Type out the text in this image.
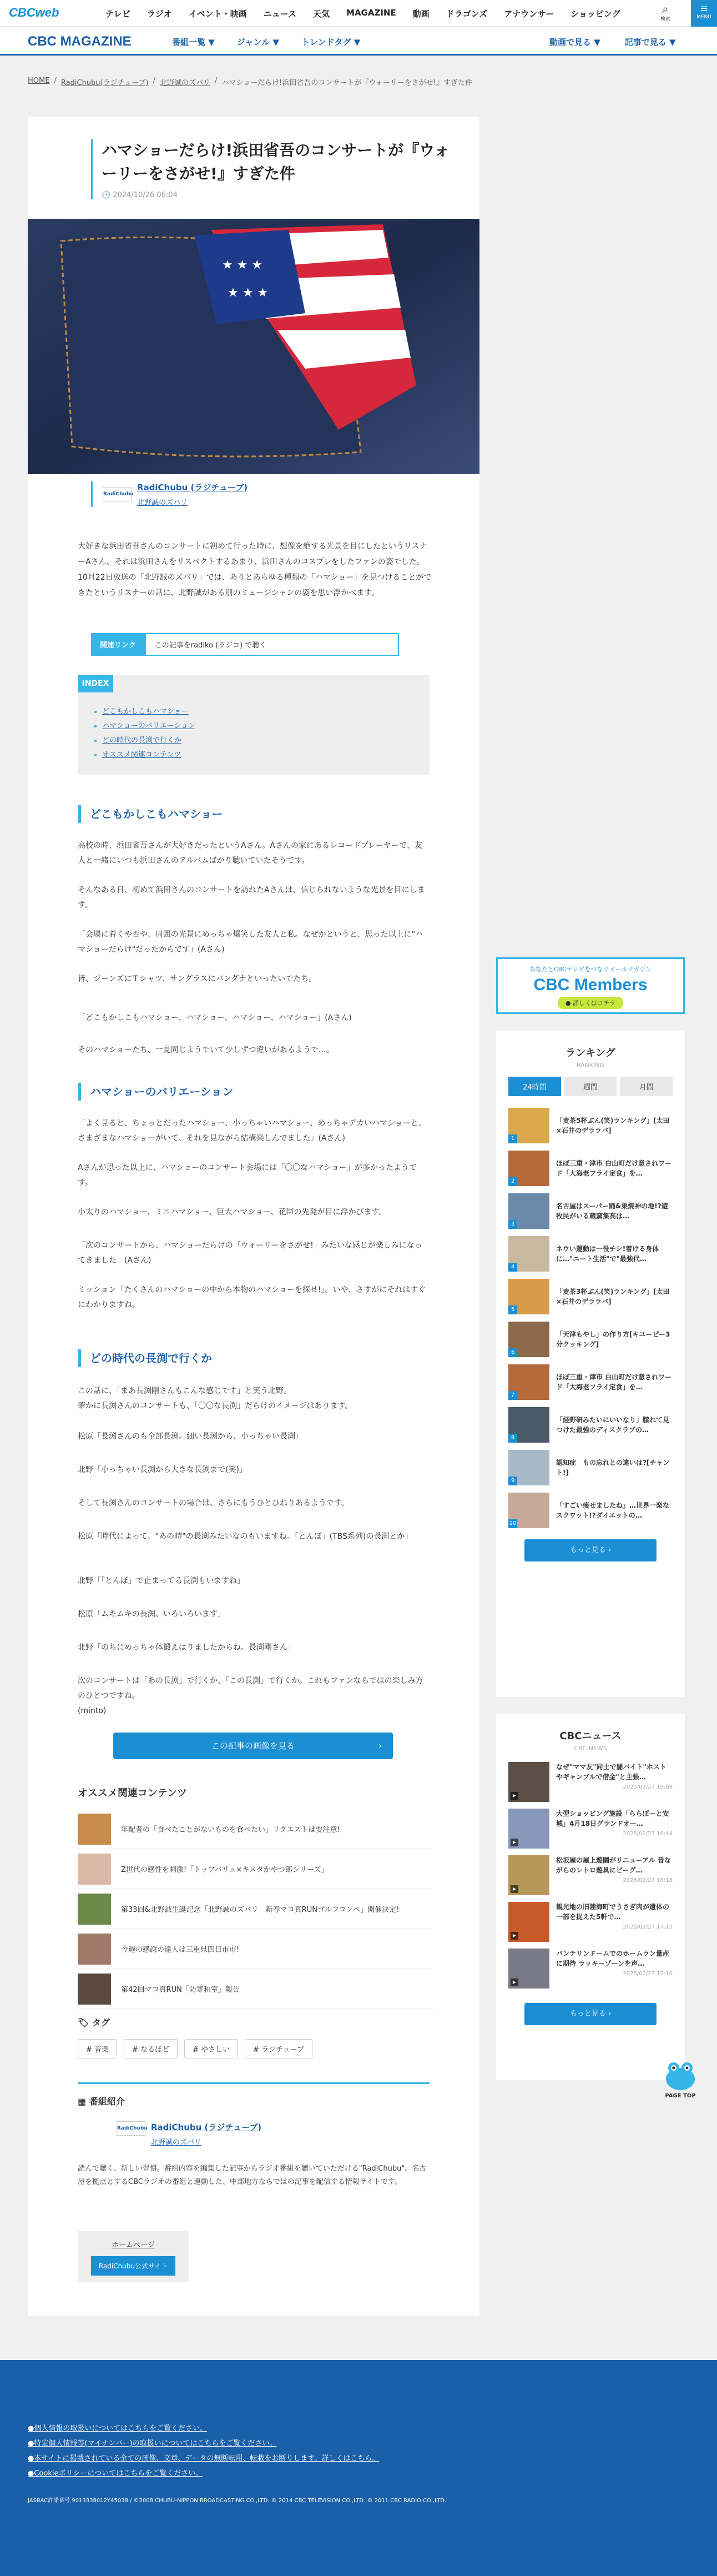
CBCweb	テレビ ラジオ イベント・映画 ニュース 天気 MAGAZINE 動画 ドラゴンズ アナウンサー ショッピング	⌕
検索
≡
MENU
CBC MAGAZINE	番組一覧 ▼	ジャンル ▼	トレンドタグ ▼	動画で見る ▼	記事で見る ▼
HOME / RadiChubu(ラジチューブ) / 北野誠のズバリ / ハマショーだらけ!浜田省吾のコンサートが『ウォーリーをさがせ!』すぎた件
ハマショーだらけ!浜田省吾のコンサートが『ウォーリーをさがせ!』すぎた件
🕓 2024/10/26 06:04
★ ★ ★
★ ★ ★
RadiChubu
RadiChubu (ラジチューブ)
北野誠のズバリ

大好きな浜田省吾さんのコンサートに初めて行った時に、想像を絶する光景を目にしたというリスナーAさん。それは浜田さんをリスペクトするあまり、浜田さんのコスプレをしたファンの姿でした。10月22日放送の「北野誠のズバリ」では、ありとあらゆる種類の「ハマショー」を見つけることができたというリスナーの話に、北野誠がある別のミュージシャンの姿を思い浮かべます。

関連リンク	この記事をradiko (ラジコ) で聴く
INDEX
▪ どこもかしこもハマショー
▪ ハマショーのバリエーション
▪ どの時代の長渕で行くか
▪ オススメ関連コンテンツ
どこもかしこもハマショー

高校の時、浜田省吾さんが大好きだったというAさん。Aさんの家にあるレコードプレーヤーで、友人と一緒にいつも浜田さんのアルバムばかり聴いていたそうです。

そんなある日、初めて浜田さんのコンサートを訪れたAさんは、信じられないような光景を目にします。

「会場に着くや否や、周囲の光景にめっちゃ爆笑した友人と私。なぜかというと、思った以上に"ハマショーだらけ"だったからです」(Aさん)

皆、ジーンズにＴシャツ、サングラスにバンダナといったいでたち。

「どこもかしこもハマショー、ハマショー、ハマショー、ハマショー」(Aさん)

そのハマショーたち、一見同じようでいて少しずつ違いがあるようで…。

ハマショーのバリエーション

「よく見ると、ちょっとだったハマショー、小っちゃいハマショー、めっちゃデカいハマショーと、さまざまなハマショーがいて、それを見ながら結構楽しんでました」(Aさん)

Aさんが思った以上に、ハマショーのコンサート会場には「〇〇なハマショー」が多かったようです。

小太りのハマショー、ミニハマショー、巨大ハマショー、花帯の先発が目に浮かびます。

「次のコンサートから、ハマショーだらけの「ウォーリーをさがせ!」みたいな感じが楽しみになってきました」(Aさん)

ミッション「たくさんのハマショーの中から本物のハマショーを探せ!」。いや、さすがにそれはすぐにわかりますね。

どの時代の長渕で行くか

この話に、「まあ長渕剛さんもこんな感じです」と笑う北野。
確かに長渕さんのコンサートも、「〇〇な長渕」だらけのイメージはあります。

松原「長渕さんのも全部長渕。細い長渕から、小っちゃい長渕」

北野「小っちゃい長渕から大きな長渕まで(笑)」

そして長渕さんのコンサートの場合は、さらにもうひとひねりあるようです。

松原「時代によって、"あの時"の長渕みたいなのもいますね。「とんぼ」(TBS系列)の長渕とか」

北野「「とんぼ」で止まってる長渕もいますね」

松原「ムキムキの長渕、いろいろいます」

北野「のちにめっちゃ体鍛えはりましたからね。長渕剛さん」

次のコンサートは「あの長渕」で行くか、「この長渕」で行くか。これもファンならではの楽しみ方のひとつですね。
(minto)

この記事の画像を見る	›
オススメ関連コンテンツ
年配者の「食べたことがないものを食べたい」リクエストは要注意!
Z世代の感性を刺激!「トップバリュ×キメタかやつ郎シリーズ」
第33回&北野誠生誕記念「北野誠のズバリ　新春マコ真RUNゴルフコンペ」開催決定!
今週の感謝の達人は三重県四日市市!
第42回マコ真RUN「防寒和室」報告
🏷 タグ
# 音楽	# なるほど	# やさしい	# ラジチューブ
▦ 番組紹介
RadiChubu RadiChubu (ラジチューブ)
北野誠のズバリ

読んで聴く、新しい習慣。番組内容を編集した記事からラジオ番組を聴いていただける"RadiChubu"。名古屋を拠点とするCBCラジオの番組と連動した、中部地方ならではの記事を配信する情報サイトです。

ホームページ
RadiChubu公式サイト
あなたとCBCテレビをつなぐメールマガジン
CBC Members
● 詳しくはコチラ
ランキング
RANKING
24時間	週間	月間
1
「麦茶5杯ぶん(笑)ランキング」[太田×石井のデララバ]
2
ほぼ三重・津市 白山町だけ意されワード「大海老フライ定食」を…
3
名古屋はスーパー踊&巣焼神の地!?遊牧民がいる蔵窯集高は…
4
ネウい運動は一役チシ!着ける身体に…"ニート生活"で"最強代…
5
「麦茶3杯ぶん(笑)ランキング」[太田×石井のデララバ]
6
「天津もやし」の作り方[キユーピー3分クッキング]
7
ほぼ三重・津市 白山町だけ意されワード「大海老フライ定食」を…
8
「経野研みたいにいいなり」膝れて見つけた最強のディスクラブの…
9
認知症　もの忘れとの違いは?[チャント!]
10
「すごい痩せましたね」…世界一楽なスクワット!?ダイエットの…
もっと見る ›
CBCニュース
CBC NEWS
▶
なぜ"ママ友"同士で闇バイト"ホストやギャンブルで借金"と主張…
2025/02/27 19:09
▶
大型ショッピング施設「ららぽーと安城」4月18日グランドオー…
2025/02/27 18:44
▶
松坂屋の屋上遊園がリニューアル 昔ながらのレトロ遊具にビーグ…
2025/02/27 18:18
▶
観光地の旧陸海町でうさぎ肉が遺体の一部を捉えた5軒で…
2025/02/27 17:13
▶
バンテリンドームでのホームラン量産に期待 ラッキーゾーンを声…
2025/02/27 17:10
もっと見る ›
PAGE TOP
●個人情報の取扱いについてはこちらをご覧ください。
●特定個人情報等(マイナンバー)の取扱いについてはこちらをご覧ください。
●本サイトに掲載されている全ての画像、文章、データの無断転用、転載をお断りします。詳しくはこちら。
●Cookieポリシーについてはこちらをご覧ください。
JASRAC許諾番号 9013338012Y45038 / ©2008 CHUBU-NIPPON BROADCASTING CO.,LTD. © 2014 CBC TELEVISION CO.,LTD. © 2011 CBC RADIO CO.,LTD.
